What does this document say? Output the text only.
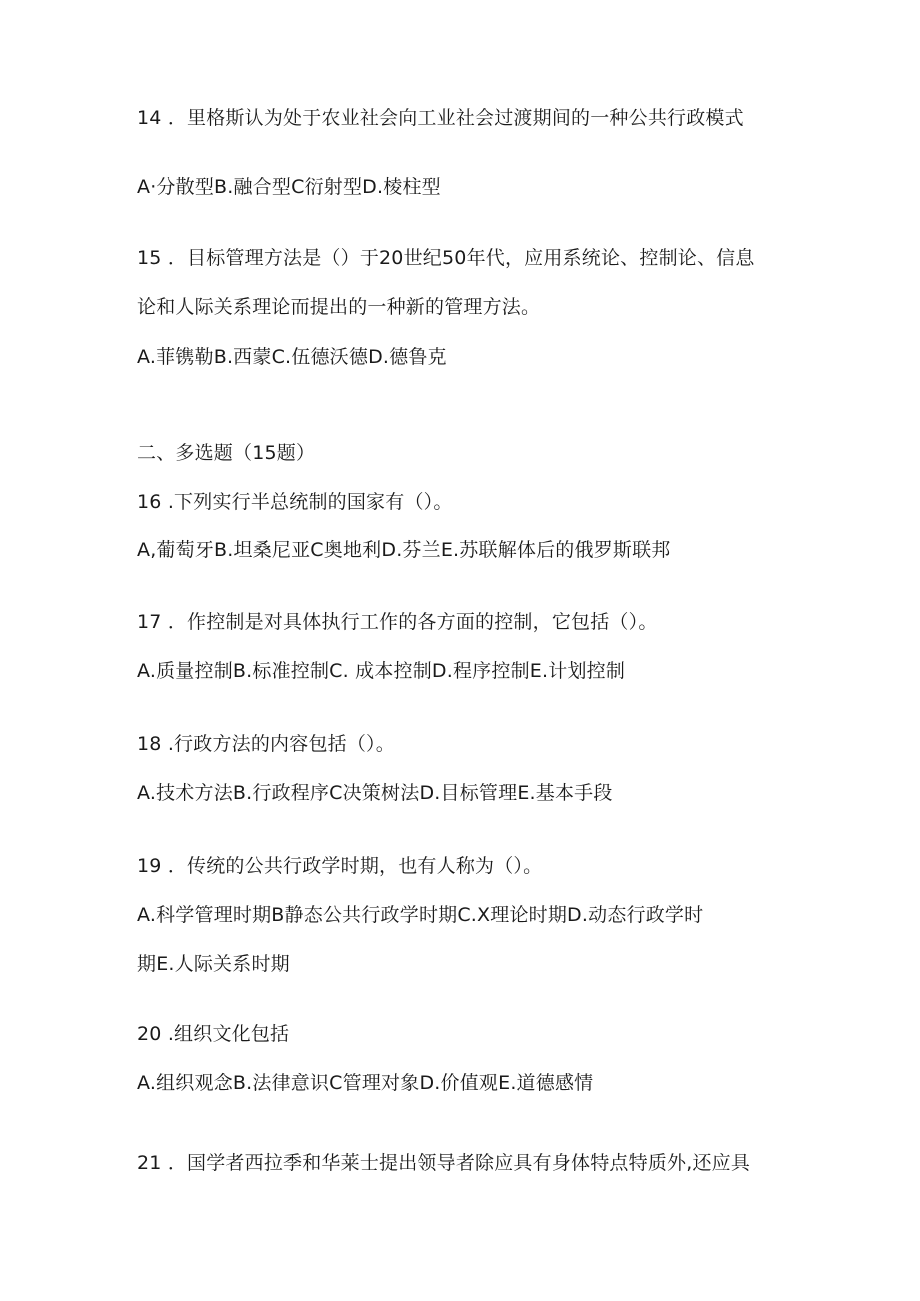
14 ．里格斯认为处于农业社会向工业社会过渡期间的一种公共行政模式
A·分散型B.融合型C衍射型D.棱柱型
15 ．目标管理方法是（）于20世纪50年代，应用系统论、控制论、信息
论和人际关系理论而提出的一种新的管理方法。
A.菲镌勒B.西蒙C.伍德沃德D.德鲁克
二、多选题（15题）
16 .下列实行半总统制的国家有（）。
A,葡萄牙B.坦桑尼亚C奥地利D.芬兰E.苏联解体后的俄罗斯联邦
17 ．作控制是对具体执行工作的各方面的控制，它包括（）。
A.质量控制B.标准控制C. 成本控制D.程序控制E.计划控制
18 .行政方法的内容包括（）。
A.技术方法B.行政程序C决策树法D.目标管理E.基本手段
19 ．传统的公共行政学时期，也有人称为（）。
A.科学管理时期B静态公共行政学时期C.X理论时期D.动态行政学时
期E.人际关系时期
20 .组织文化包括
A.组织观念B.法律意识C管理对象D.价值观E.道德感情
21 ．国学者西拉季和华莱士提出领导者除应具有身体特点特质外,还应具
